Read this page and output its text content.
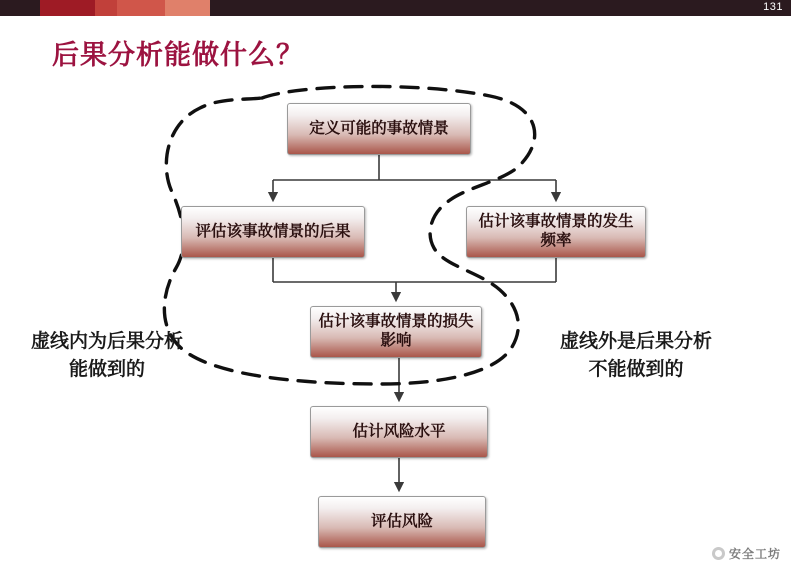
131
后果分析能做什么？
定义可能的事故情景
评估该事故情景的后果
估计该事故情景的发生频率
估计该事故情景的损失影响
估计风险水平
评估风险
虚线内为后果分析能做到的
虚线外是后果分析不能做到的
安全工坊
